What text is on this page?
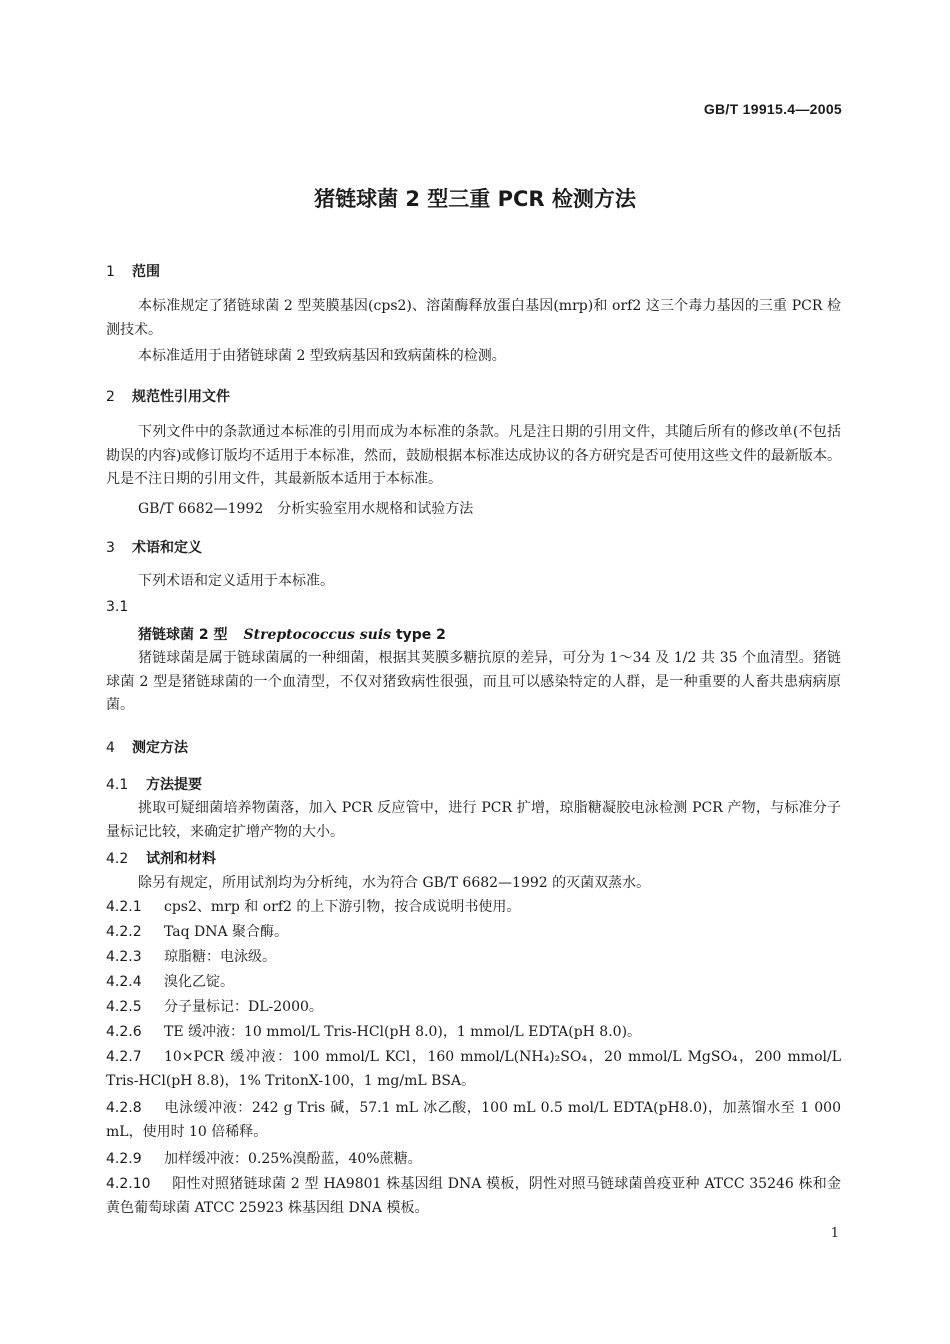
GB/T 19915.4—2005
猪链球菌 2 型三重 PCR 检测方法
1 范围
本标准规定了猪链球菌 2 型荚膜基因(cps2)、溶菌酶释放蛋白基因(mrp)和 orf2 这三个毒力基因的三重 PCR 检测技术。
本标准适用于由猪链球菌 2 型致病基因和致病菌株的检测。
2 规范性引用文件
下列文件中的条款通过本标准的引用而成为本标准的条款。凡是注日期的引用文件，其随后所有的修改单(不包括勘误的内容)或修订版均不适用于本标准，然而，鼓励根据本标准达成协议的各方研究是否可使用这些文件的最新版本。凡是不注日期的引用文件，其最新版本适用于本标准。
GB/T 6682—1992　分析实验室用水规格和试验方法
3 术语和定义
下列术语和定义适用于本标准。
3.1
猪链球菌 2 型 Streptococcus suis type 2
猪链球菌是属于链球菌属的一种细菌，根据其荚膜多糖抗原的差异，可分为 1～34 及 1/2 共 35 个血清型。猪链球菌 2 型是猪链球菌的一个血清型，不仅对猪致病性很强，而且可以感染特定的人群，是一种重要的人畜共患病病原菌。
4 测定方法
4.1 方法提要
挑取可疑细菌培养物菌落，加入 PCR 反应管中，进行 PCR 扩增，琼脂糖凝胶电泳检测 PCR 产物，与标准分子量标记比较，来确定扩增产物的大小。
4.2 试剂和材料
除另有规定，所用试剂均为分析纯，水为符合 GB/T 6682—1992 的灭菌双蒸水。
4.2.1 cps2、mrp 和 orf2 的上下游引物，按合成说明书使用。
4.2.2 Taq DNA 聚合酶。
4.2.3 琼脂糖：电泳级。
4.2.4 溴化乙锭。
4.2.5 分子量标记：DL-2000。
4.2.6 TE 缓冲液：10 mmol/L Tris-HCl(pH 8.0)，1 mmol/L EDTA(pH 8.0)。
4.2.7 10×PCR 缓冲液：100 mmol/L KCl，160 mmol/L(NH₄)₂SO₄，20 mmol/L MgSO₄，200 mmol/L Tris-HCl(pH 8.8)，1% TritonX-100，1 mg/mL BSA。
4.2.8 电泳缓冲液：242 g Tris 碱，57.1 mL 冰乙酸，100 mL 0.5 mol/L EDTA(pH8.0)，加蒸馏水至 1 000 mL，使用时 10 倍稀释。
4.2.9 加样缓冲液：0.25%溴酚蓝，40%蔗糖。
4.2.10 阳性对照猪链球菌 2 型 HA9801 株基因组 DNA 模板，阴性对照马链球菌兽疫亚种 ATCC 35246 株和金黄色葡萄球菌 ATCC 25923 株基因组 DNA 模板。
1
